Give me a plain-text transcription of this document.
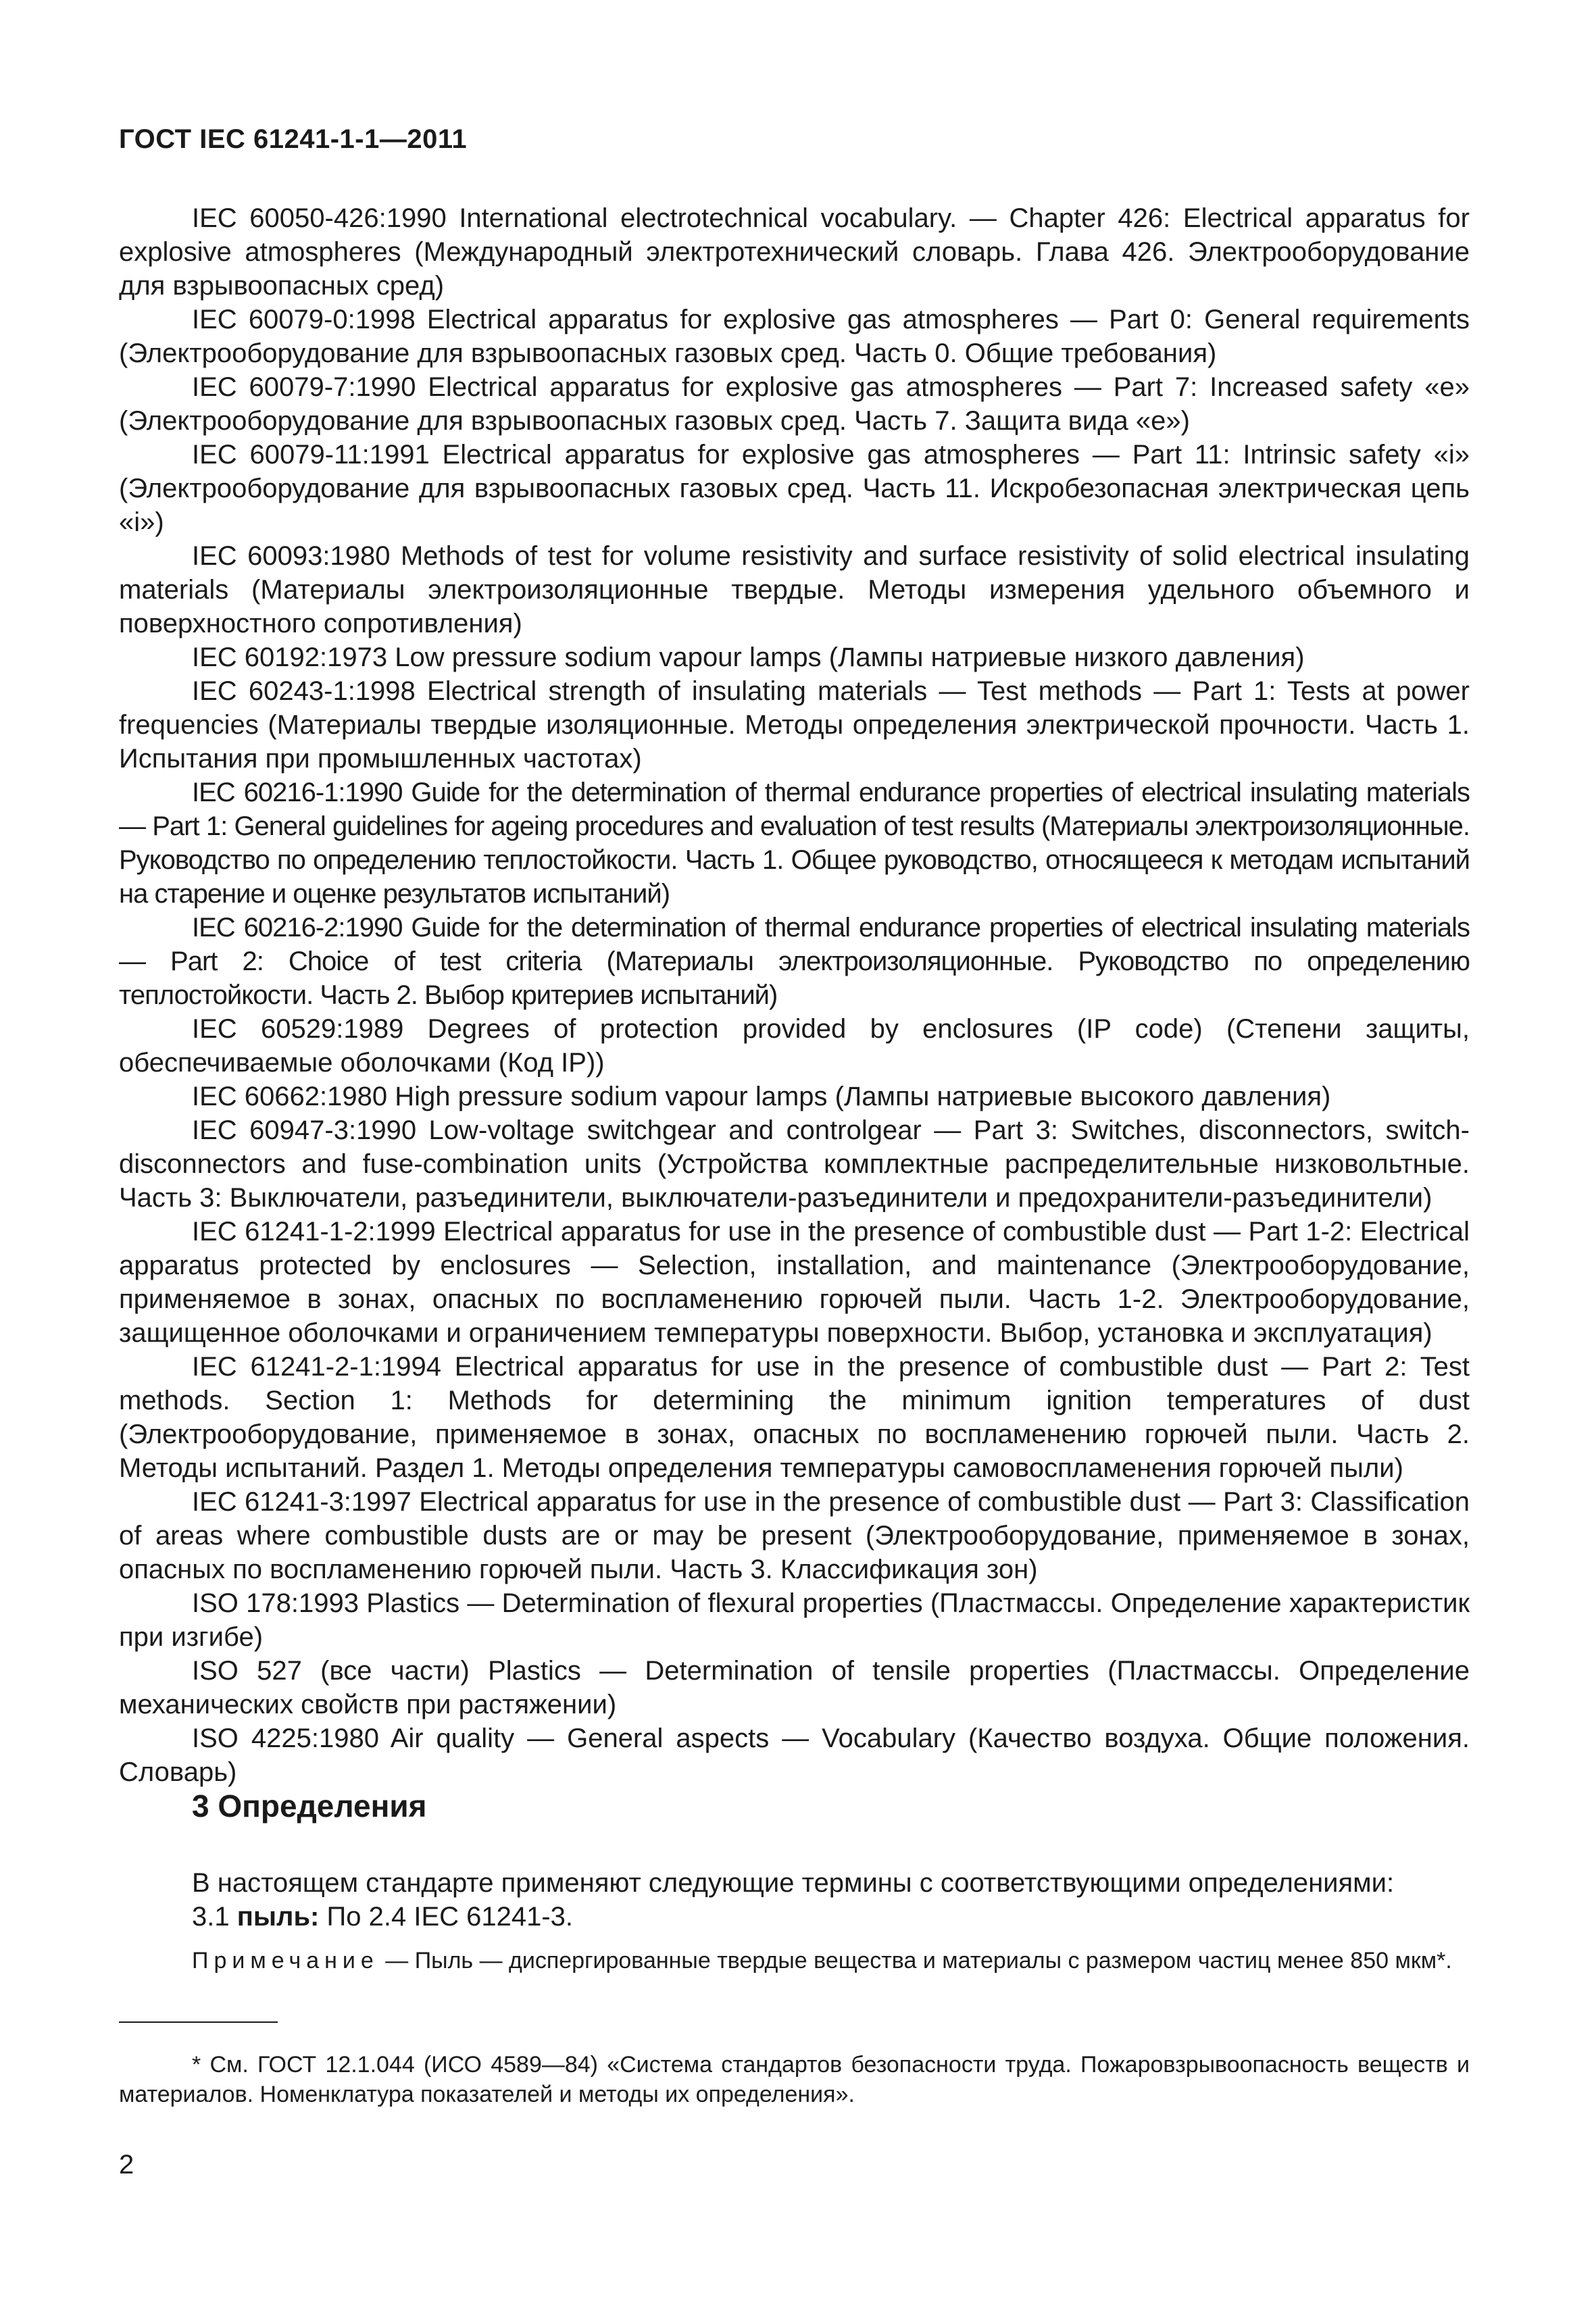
ГОСТ IEC 61241-1-1—2011

IEC 60050-426:1990 International electrotechnical vocabulary. — Chapter 426: Electrical apparatus for explosive atmospheres (Международный электротехнический словарь. Глава 426. Электрооборудование для взрывоопасных сред)

IEC 60079-0:1998 Electrical apparatus for explosive gas atmospheres — Part 0: General requirements (Электрооборудование для взрывоопасных газовых сред. Часть 0. Общие требования)

IEC 60079-7:1990 Electrical apparatus for explosive gas atmospheres — Part 7: Increased safety «е» (Электрооборудование для взрывоопасных газовых сред. Часть 7. Защита вида «е»)

IEC 60079-11:1991 Electrical apparatus for explosive gas atmospheres — Part 11: Intrinsic safety «i» (Электрооборудование для взрывоопасных газовых сред. Часть 11. Искробезопасная электрическая цепь «i»)

IEC 60093:1980 Methods of test for volume resistivity and surface resistivity of solid electrical insulating materials (Материалы электроизоляционные твердые. Методы измерения удельного объемного и поверхностного сопротивления)

IEC 60192:1973 Low pressure sodium vapour lamps (Лампы натриевые низкого давления)

IEC 60243-1:1998 Electrical strength of insulating materials — Test methods — Part 1: Tests at power frequencies (Материалы твердые изоляционные. Методы определения электрической прочности. Часть 1. Испытания при промышленных частотах)

IEC 60216-1:1990 Guide for the determination of thermal endurance properties of electrical insulating materials — Part 1: General guidelines for ageing procedures and evaluation of test results (Материалы электроизоляционные. Руководство по определению теплостойкости. Часть 1. Общее руководство, относящееся к методам испытаний на старение и оценке результатов испытаний)

IEC 60216-2:1990 Guide for the determination of thermal endurance properties of electrical insulating materials — Part 2: Choice of test criteria (Материалы электроизоляционные. Руководство по определению теплостойкости. Часть 2. Выбор критериев испытаний)

IEC 60529:1989 Degrees of protection provided by enclosures (IP code) (Степени защиты, обеспечиваемые оболочками (Код IP))

IEC 60662:1980 High pressure sodium vapour lamps (Лампы натриевые высокого давления)

IEC 60947-3:1990 Low-voltage switchgear and controlgear — Part 3: Switches, disconnectors, switch-disconnectors and fuse-combination units (Устройства комплектные распределительные низковольтные. Часть 3: Выключатели, разъединители, выключатели-разъединители и предохранители-разъединители)

IEC 61241-1-2:1999 Electrical apparatus for use in the presence of combustible dust — Part 1-2: Electrical apparatus protected by enclosures — Selection, installation, and maintenance (Электрооборудование, применяемое в зонах, опасных по воспламенению горючей пыли. Часть 1-2. Электрооборудование, защищенное оболочками и ограничением температуры поверхности. Выбор, установка и эксплуатация)

IEC 61241-2-1:1994 Electrical apparatus for use in the presence of combustible dust — Part 2: Test methods. Section 1: Methods for determining the minimum ignition temperatures of dust (Электрооборудование, применяемое в зонах, опасных по воспламенению горючей пыли. Часть 2. Методы испытаний. Раздел 1. Методы определения температуры самовоспламенения горючей пыли)

IEC 61241-3:1997 Electrical apparatus for use in the presence of combustible dust — Part 3: Classification of areas where combustible dusts are or may be present (Электрооборудование, применяемое в зонах, опасных по воспламенению горючей пыли. Часть 3. Классификация зон)

ISO 178:1993 Plastics — Determination of flexural properties (Пластмассы. Определение характеристик при изгибе)

ISO 527 (все части) Plastics — Determination of tensile properties (Пластмассы. Определение механических свойств при растяжении)

ISO 4225:1980 Air quality — General aspects — Vocabulary (Качество воздуха. Общие положения. Словарь)

3 Определения
В настоящем стандарте применяют следующие термины с соответствующими определениями:
3.1 пыль: По 2.4 IEC 61241-3.
Примечание — Пыль — диспергированные твердые вещества и материалы с размером частиц менее 850 мкм*.
* См. ГОСТ 12.1.044 (ИСО 4589—84) «Система стандартов безопасности труда. Пожаровзрывоопасность веществ и материалов. Номенклатура показателей и методы их определения».
2
